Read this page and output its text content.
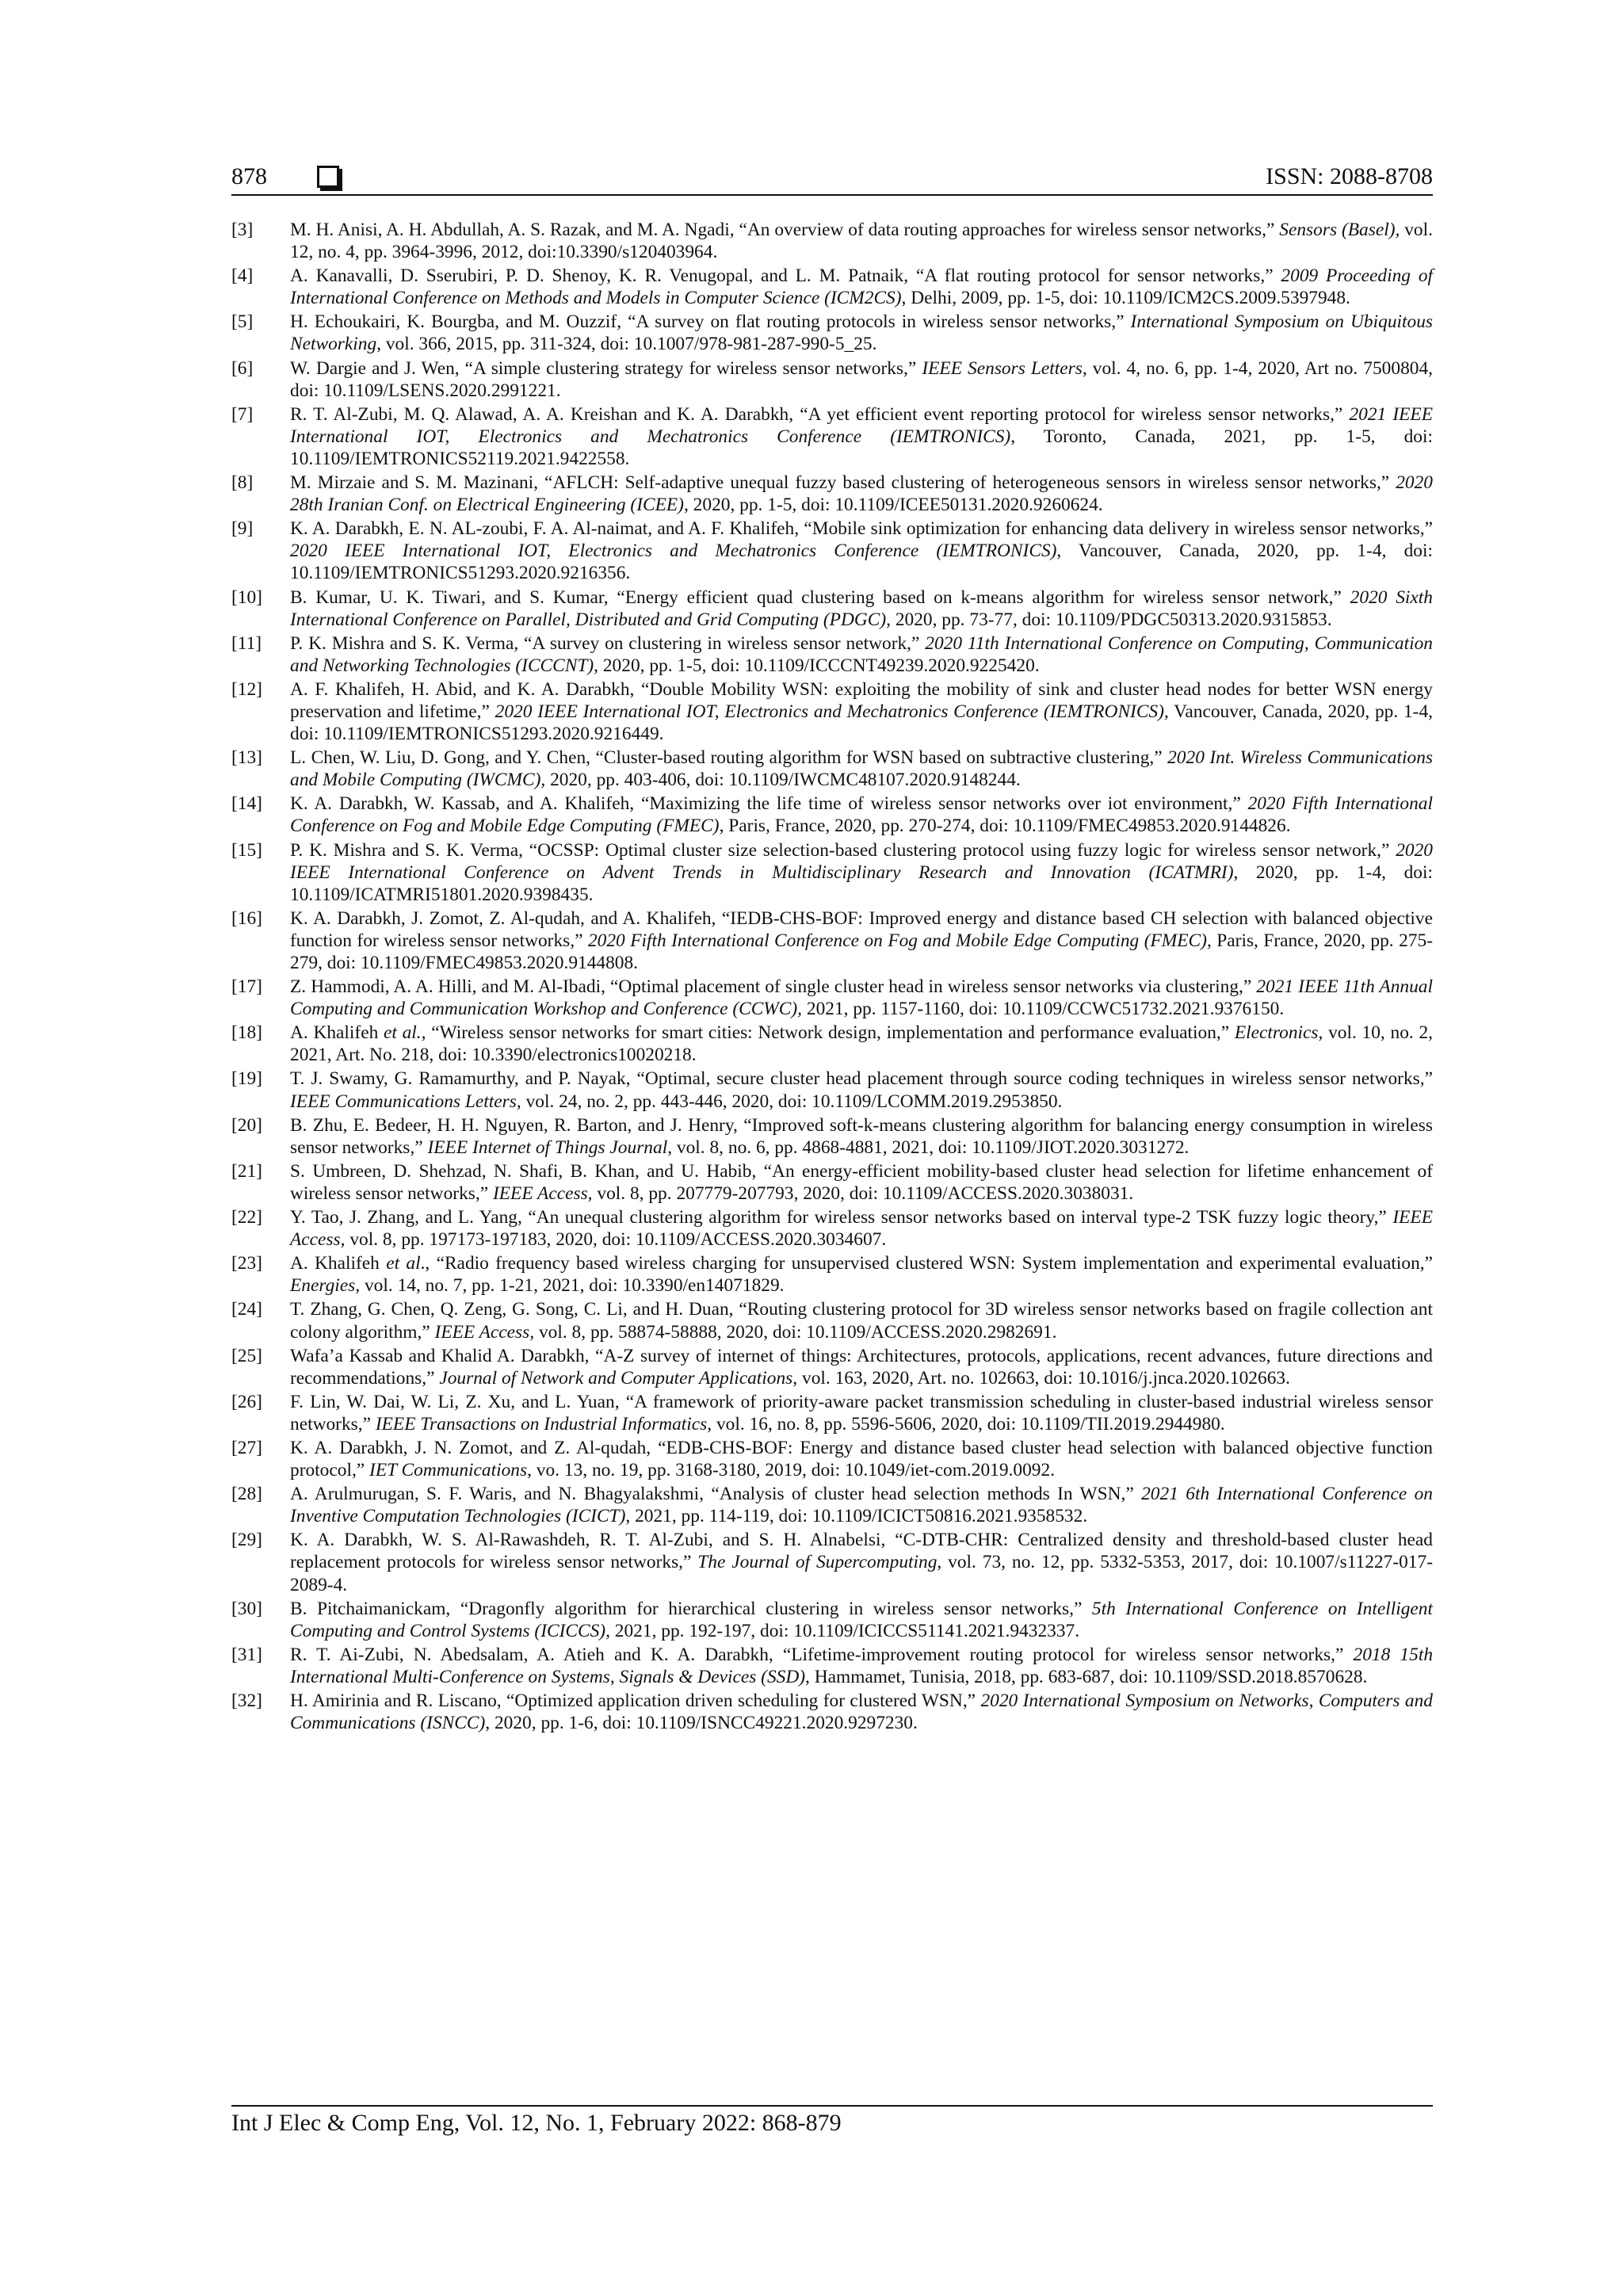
878	ISSN: 2088-8708
[3]	M. H. Anisi, A. H. Abdullah, A. S. Razak, and M. A. Ngadi, “An overview of data routing approaches for wireless sensor networks,” Sensors (Basel), vol. 12, no. 4, pp. 3964-3996, 2012, doi:10.3390/s120403964.
[4]	A. Kanavalli, D. Sserubiri, P. D. Shenoy, K. R. Venugopal, and L. M. Patnaik, “A flat routing protocol for sensor networks,” 2009 Proceeding of International Conference on Methods and Models in Computer Science (ICM2CS), Delhi, 2009, pp. 1-5, doi: 10.1109/ICM2CS.2009.5397948.
[5]	H. Echoukairi, K. Bourgba, and M. Ouzzif, “A survey on flat routing protocols in wireless sensor networks,” International Symposium on Ubiquitous Networking, vol. 366, 2015, pp. 311-324, doi: 10.1007/978-981-287-990-5_25.
[6]	W. Dargie and J. Wen, “A simple clustering strategy for wireless sensor networks,” IEEE Sensors Letters, vol. 4, no. 6, pp. 1-4, 2020, Art no. 7500804, doi: 10.1109/LSENS.2020.2991221.
[7]	R. T. Al-Zubi, M. Q. Alawad, A. A. Kreishan and K. A. Darabkh, “A yet efficient event reporting protocol for wireless sensor networks,” 2021 IEEE International IOT, Electronics and Mechatronics Conference (IEMTRONICS), Toronto, Canada, 2021, pp. 1-5, doi: 10.1109/IEMTRONICS52119.2021.9422558.
[8]	M. Mirzaie and S. M. Mazinani, “AFLCH: Self-adaptive unequal fuzzy based clustering of heterogeneous sensors in wireless sensor networks,” 2020 28th Iranian Conf. on Electrical Engineering (ICEE), 2020, pp. 1-5, doi: 10.1109/ICEE50131.2020.9260624.
[9]	K. A. Darabkh, E. N. AL-zoubi, F. A. Al-naimat, and A. F. Khalifeh, “Mobile sink optimization for enhancing data delivery in wireless sensor networks,” 2020 IEEE International IOT, Electronics and Mechatronics Conference (IEMTRONICS), Vancouver, Canada, 2020, pp. 1-4, doi: 10.1109/IEMTRONICS51293.2020.9216356.
[10]	B. Kumar, U. K. Tiwari, and S. Kumar, “Energy efficient quad clustering based on k-means algorithm for wireless sensor network,” 2020 Sixth International Conference on Parallel, Distributed and Grid Computing (PDGC), 2020, pp. 73-77, doi: 10.1109/PDGC50313.2020.9315853.
[11]	P. K. Mishra and S. K. Verma, “A survey on clustering in wireless sensor network,” 2020 11th International Conference on Computing, Communication and Networking Technologies (ICCCNT), 2020, pp. 1-5, doi: 10.1109/ICCCNT49239.2020.9225420.
[12]	A. F. Khalifeh, H. Abid, and K. A. Darabkh, “Double Mobility WSN: exploiting the mobility of sink and cluster head nodes for better WSN energy preservation and lifetime,” 2020 IEEE International IOT, Electronics and Mechatronics Conference (IEMTRONICS), Vancouver, Canada, 2020, pp. 1-4, doi: 10.1109/IEMTRONICS51293.2020.9216449.
[13]	L. Chen, W. Liu, D. Gong, and Y. Chen, “Cluster-based routing algorithm for WSN based on subtractive clustering,” 2020 Int. Wireless Communications and Mobile Computing (IWCMC), 2020, pp. 403-406, doi: 10.1109/IWCMC48107.2020.9148244.
[14]	K. A. Darabkh, W. Kassab, and A. Khalifeh, “Maximizing the life time of wireless sensor networks over iot environment,” 2020 Fifth International Conference on Fog and Mobile Edge Computing (FMEC), Paris, France, 2020, pp. 270-274, doi: 10.1109/FMEC49853.2020.9144826.
[15]	P. K. Mishra and S. K. Verma, “OCSSP: Optimal cluster size selection-based clustering protocol using fuzzy logic for wireless sensor network,” 2020 IEEE International Conference on Advent Trends in Multidisciplinary Research and Innovation (ICATMRI), 2020, pp. 1-4, doi: 10.1109/ICATMRI51801.2020.9398435.
[16]	K. A. Darabkh, J. Zomot, Z. Al-qudah, and A. Khalifeh, “IEDB-CHS-BOF: Improved energy and distance based CH selection with balanced objective function for wireless sensor networks,” 2020 Fifth International Conference on Fog and Mobile Edge Computing (FMEC), Paris, France, 2020, pp. 275-279, doi: 10.1109/FMEC49853.2020.9144808.
[17]	Z. Hammodi, A. A. Hilli, and M. Al-Ibadi, “Optimal placement of single cluster head in wireless sensor networks via clustering,” 2021 IEEE 11th Annual Computing and Communication Workshop and Conference (CCWC), 2021, pp. 1157-1160, doi: 10.1109/CCWC51732.2021.9376150.
[18]	A. Khalifeh et al., “Wireless sensor networks for smart cities: Network design, implementation and performance evaluation,” Electronics, vol. 10, no. 2, 2021, Art. No. 218, doi: 10.3390/electronics10020218.
[19]	T. J. Swamy, G. Ramamurthy, and P. Nayak, “Optimal, secure cluster head placement through source coding techniques in wireless sensor networks,” IEEE Communications Letters, vol. 24, no. 2, pp. 443-446, 2020, doi: 10.1109/LCOMM.2019.2953850.
[20]	B. Zhu, E. Bedeer, H. H. Nguyen, R. Barton, and J. Henry, “Improved soft-k-means clustering algorithm for balancing energy consumption in wireless sensor networks,” IEEE Internet of Things Journal, vol. 8, no. 6, pp. 4868-4881, 2021, doi: 10.1109/JIOT.2020.3031272.
[21]	S. Umbreen, D. Shehzad, N. Shafi, B. Khan, and U. Habib, “An energy-efficient mobility-based cluster head selection for lifetime enhancement of wireless sensor networks,” IEEE Access, vol. 8, pp. 207779-207793, 2020, doi: 10.1109/ACCESS.2020.3038031.
[22]	Y. Tao, J. Zhang, and L. Yang, “An unequal clustering algorithm for wireless sensor networks based on interval type-2 TSK fuzzy logic theory,” IEEE Access, vol. 8, pp. 197173-197183, 2020, doi: 10.1109/ACCESS.2020.3034607.
[23]	A. Khalifeh et al., “Radio frequency based wireless charging for unsupervised clustered WSN: System implementation and experimental evaluation,” Energies, vol. 14, no. 7, pp. 1-21, 2021, doi: 10.3390/en14071829.
[24]	T. Zhang, G. Chen, Q. Zeng, G. Song, C. Li, and H. Duan, “Routing clustering protocol for 3D wireless sensor networks based on fragile collection ant colony algorithm,” IEEE Access, vol. 8, pp. 58874-58888, 2020, doi: 10.1109/ACCESS.2020.2982691.
[25]	Wafa’a Kassab and Khalid A. Darabkh, “A-Z survey of internet of things: Architectures, protocols, applications, recent advances, future directions and recommendations,” Journal of Network and Computer Applications, vol. 163, 2020, Art. no. 102663, doi: 10.1016/j.jnca.2020.102663.
[26]	F. Lin, W. Dai, W. Li, Z. Xu, and L. Yuan, “A framework of priority-aware packet transmission scheduling in cluster-based industrial wireless sensor networks,” IEEE Transactions on Industrial Informatics, vol. 16, no. 8, pp. 5596-5606, 2020, doi: 10.1109/TII.2019.2944980.
[27]	K. A. Darabkh, J. N. Zomot, and Z. Al-qudah, “EDB-CHS-BOF: Energy and distance based cluster head selection with balanced objective function protocol,” IET Communications, vo. 13, no. 19, pp. 3168-3180, 2019, doi: 10.1049/iet-com.2019.0092.
[28]	A. Arulmurugan, S. F. Waris, and N. Bhagyalakshmi, “Analysis of cluster head selection methods In WSN,” 2021 6th International Conference on Inventive Computation Technologies (ICICT), 2021, pp. 114-119, doi: 10.1109/ICICT50816.2021.9358532.
[29]	K. A. Darabkh, W. S. Al-Rawashdeh, R. T. Al-Zubi, and S. H. Alnabelsi, “C-DTB-CHR: Centralized density and threshold-based cluster head replacement protocols for wireless sensor networks,” The Journal of Supercomputing, vol. 73, no. 12, pp. 5332-5353, 2017, doi: 10.1007/s11227-017-2089-4.
[30]	B. Pitchaimanickam, “Dragonfly algorithm for hierarchical clustering in wireless sensor networks,” 5th International Conference on Intelligent Computing and Control Systems (ICICCS), 2021, pp. 192-197, doi: 10.1109/ICICCS51141.2021.9432337.
[31]	R. T. Ai-Zubi, N. Abedsalam, A. Atieh and K. A. Darabkh, “Lifetime-improvement routing protocol for wireless sensor networks,” 2018 15th International Multi-Conference on Systems, Signals & Devices (SSD), Hammamet, Tunisia, 2018, pp. 683-687, doi: 10.1109/SSD.2018.8570628.
[32]	H. Amirinia and R. Liscano, “Optimized application driven scheduling for clustered WSN,” 2020 International Symposium on Networks, Computers and Communications (ISNCC), 2020, pp. 1-6, doi: 10.1109/ISNCC49221.2020.9297230.
Int J Elec & Comp Eng, Vol. 12, No. 1, February 2022: 868-879
